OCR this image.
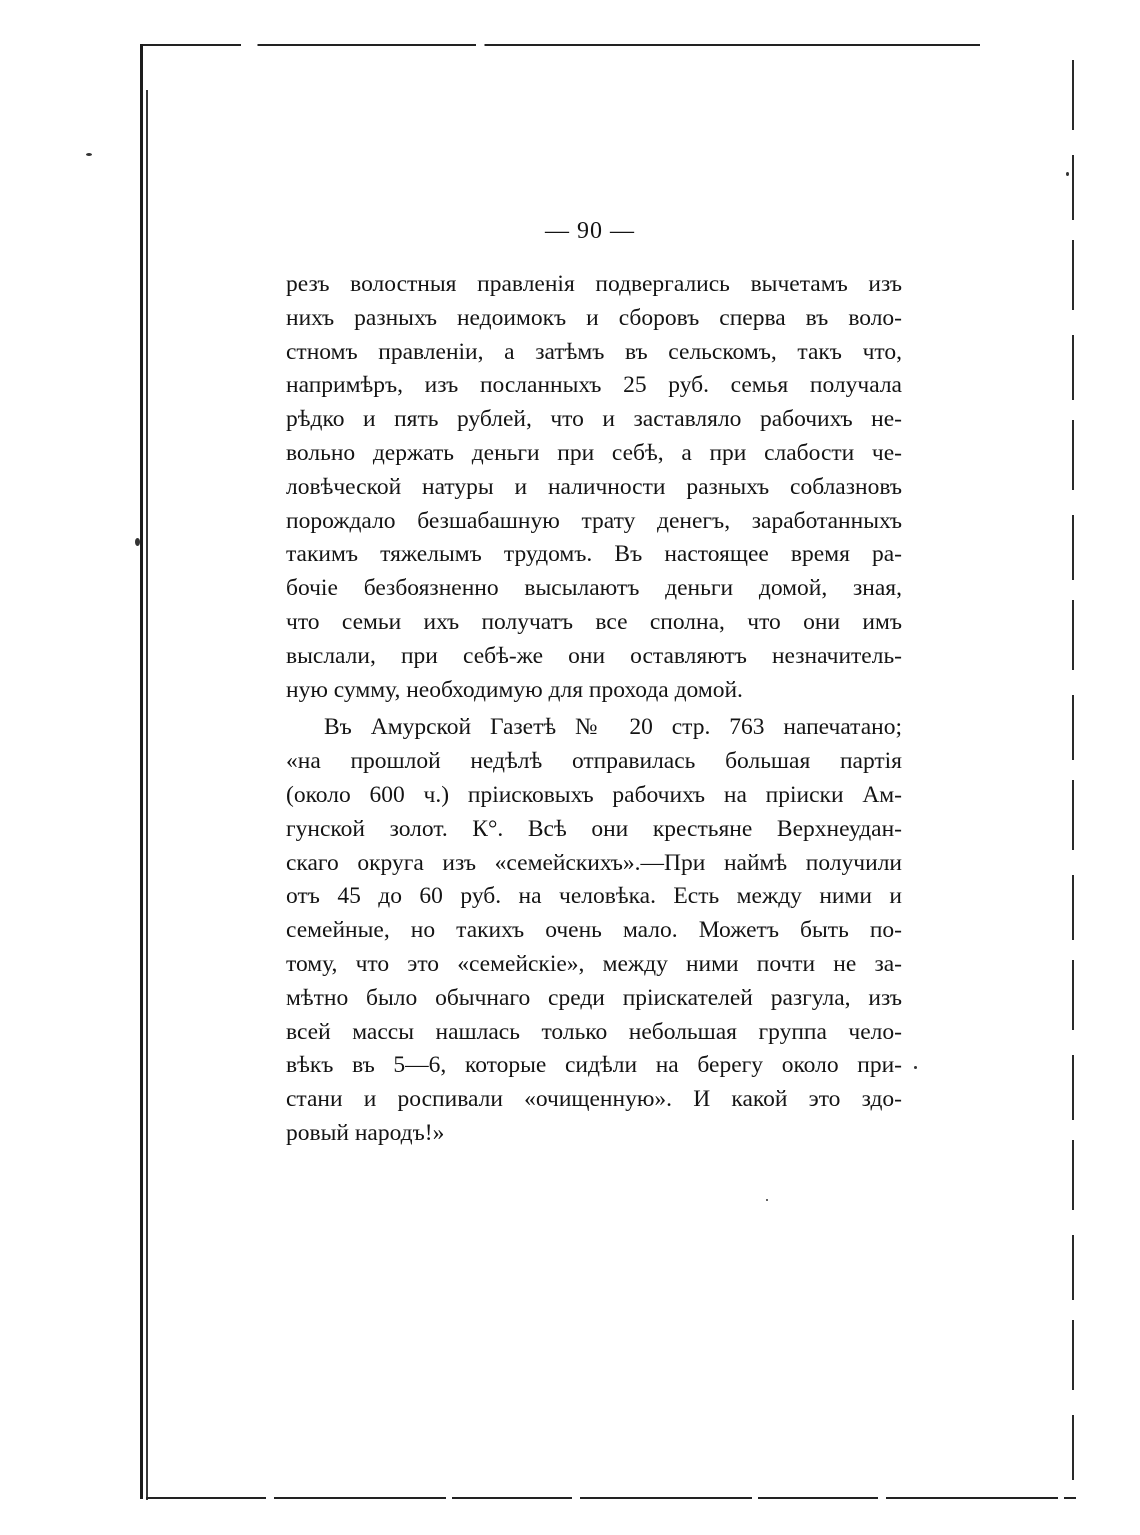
— 90 —
резъ волостныя правленія подвергались вычетамъ изъ
нихъ разныхъ недоимокъ и сборовъ сперва въ воло-
стномъ правленіи, а затѣмъ въ сельскомъ, такъ что,
напримѣръ, изъ посланныхъ 25 руб. семья получала
рѣдко и пять рублей, что и заставляло рабочихъ не-
вольно держать деньги при себѣ, а при слабости че-
ловѣческой натуры и наличности разныхъ соблазновъ
порождало безшабашную трату денегъ, заработанныхъ
такимъ тяжелымъ трудомъ. Въ настоящее время ра-
бочіе безбоязненно высылаютъ деньги домой, зная,
что семьи ихъ получатъ все сполна, что они имъ
выслали, при себѣ-же они оставляютъ незначитель-
ную сумму, необходимую для прохода домой.
Въ Амурской Газетѣ № 20 стр. 763 напечатано;
«на прошлой недѣлѣ отправилась большая партія
(около 600 ч.) пріисковыхъ рабочихъ на пріиски Ам-
гунской золот. К°. Всѣ они крестьяне Верхнеудан-
скаго округа изъ «семейскихъ».—При наймѣ получили
отъ 45 до 60 руб. на человѣка. Есть между ними и
семейные, но такихъ очень мало. Можетъ быть по-
тому, что это «семейскіе», между ними почти не за-
мѣтно было обычнаго среди пріискателей разгула, изъ
всей массы нашлась только небольшая группа чело-
вѣкъ въ 5—6, которые сидѣли на берегу около при-
стани и роспивали «очищенную». И какой это здо-
ровый народъ!»
